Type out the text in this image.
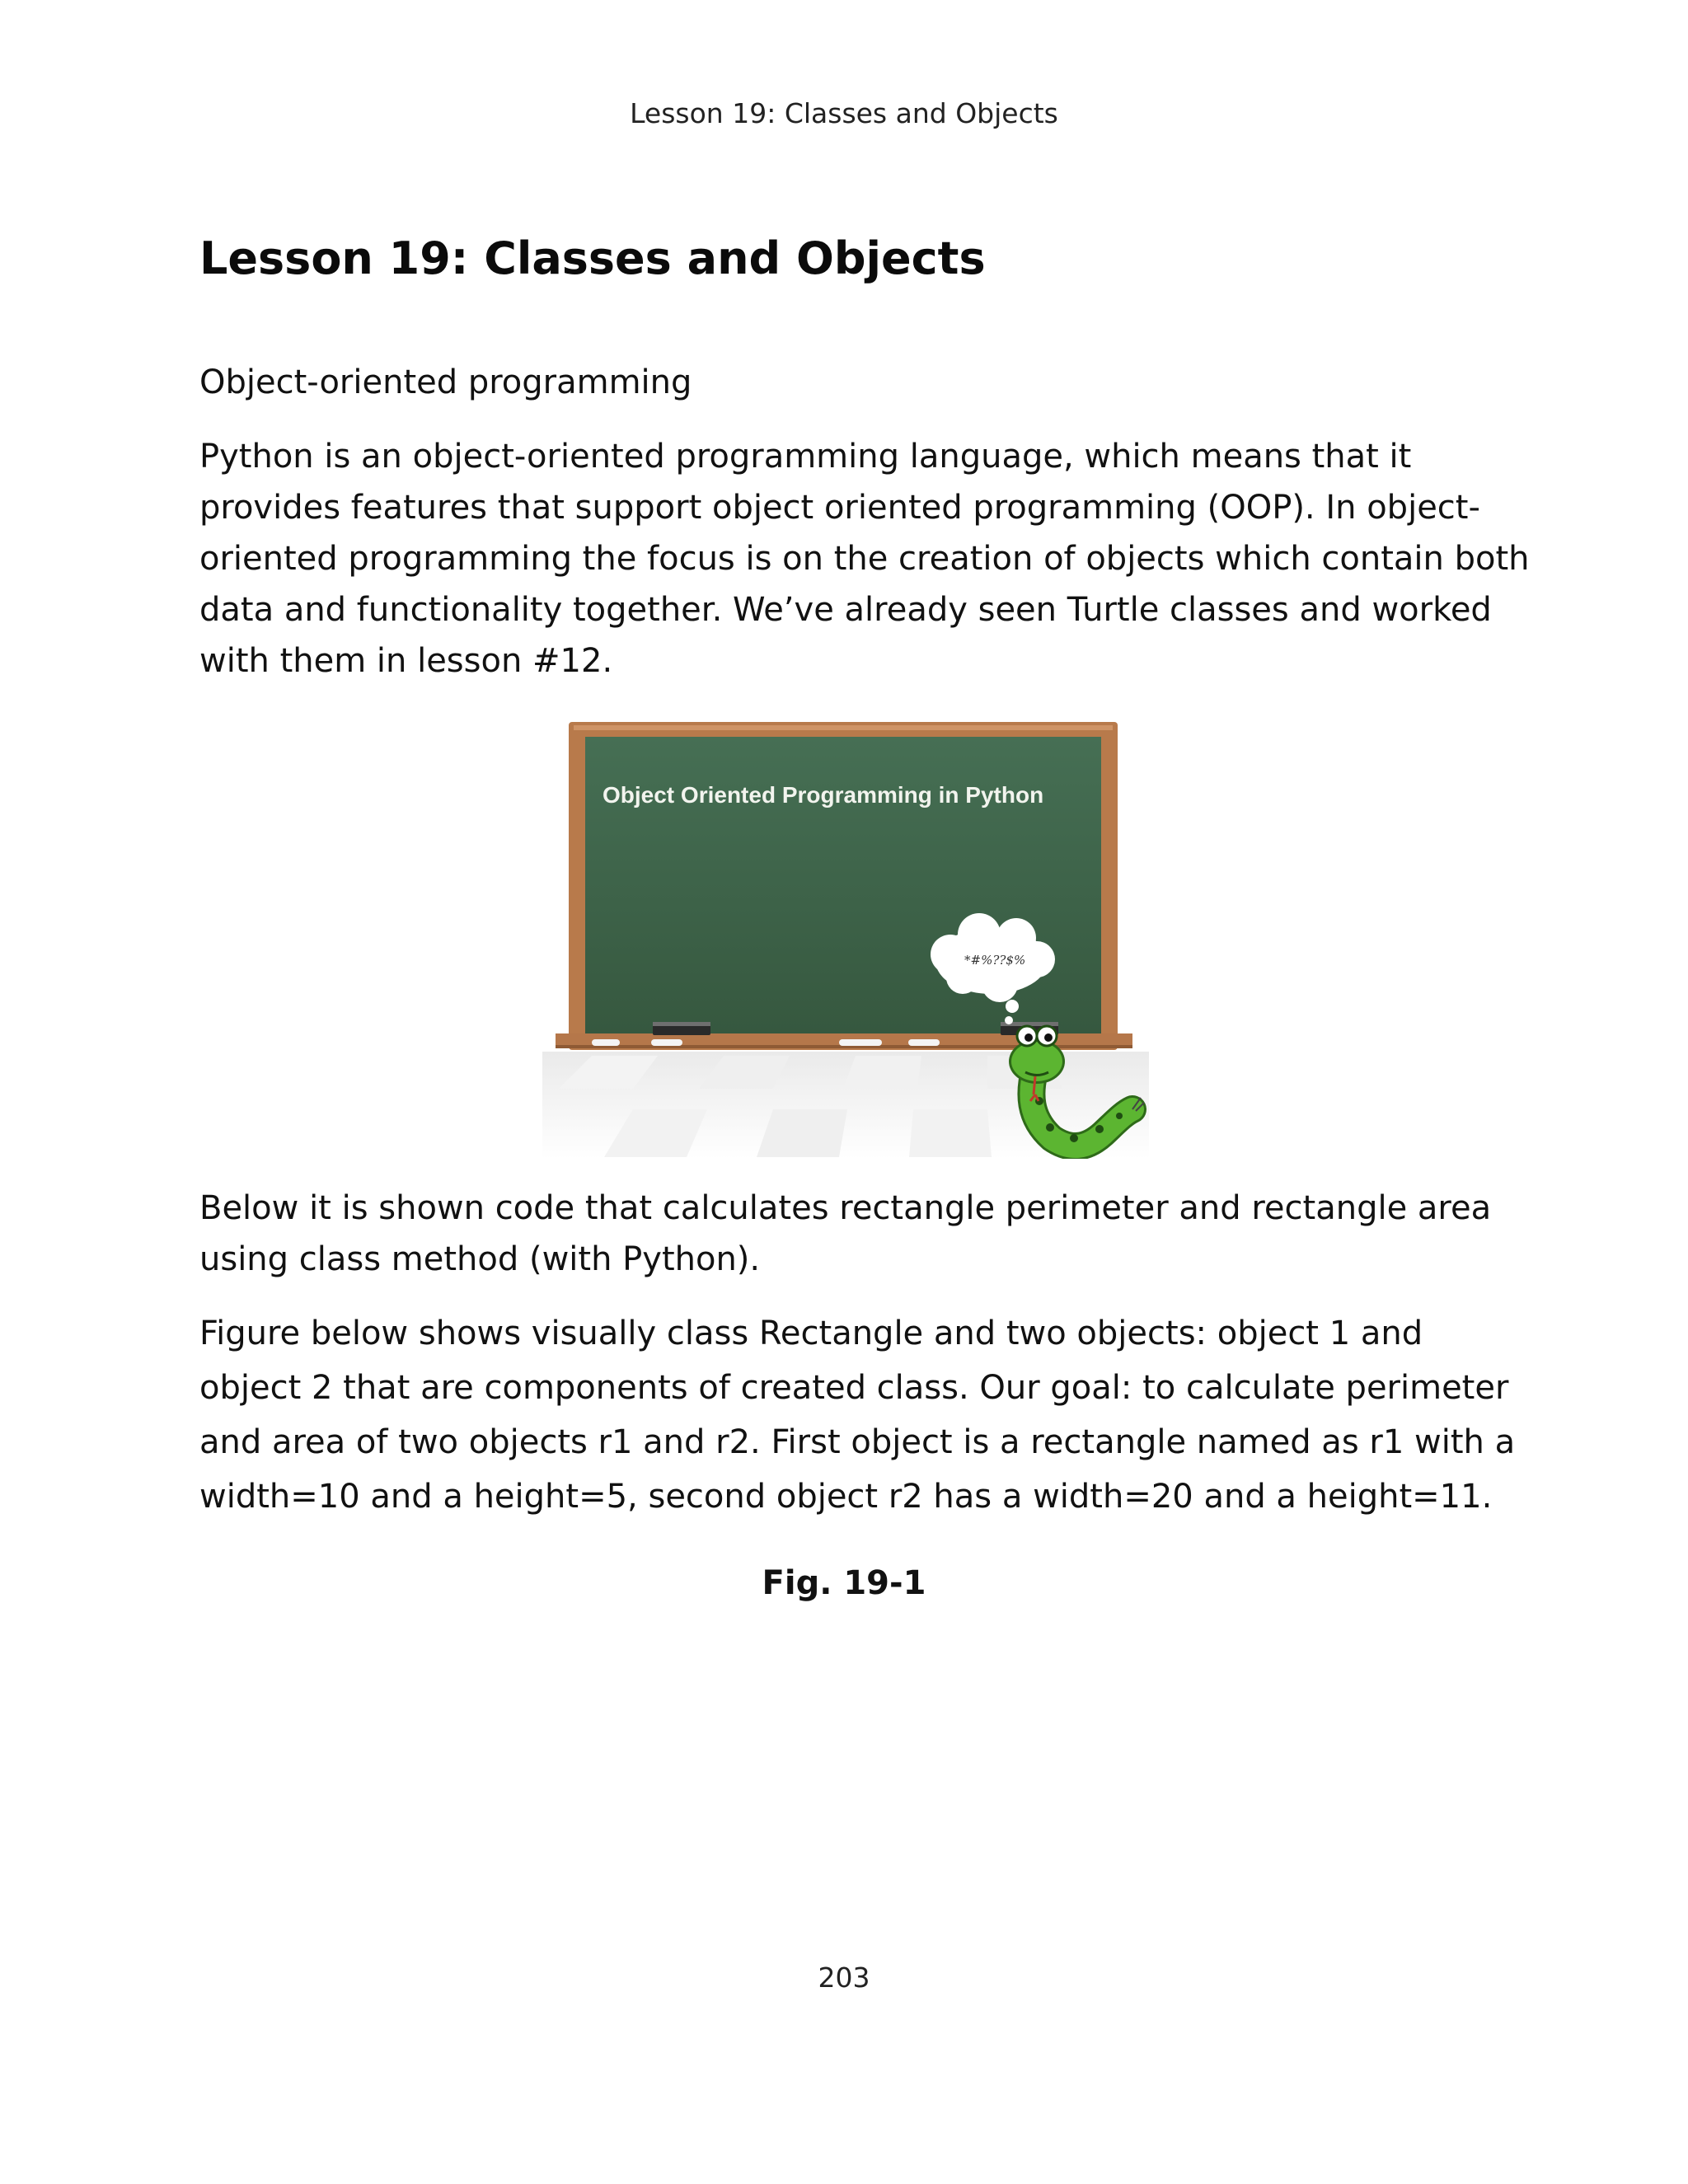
Lesson 19: Classes and Objects
Lesson 19: Classes and Objects
Object-oriented programming

Python is an object-oriented programming language, which means that it provides features that support object oriented programming (OOP). In object-oriented programming the focus is on the creation of objects which contain both data and functionality together. We’ve already seen Turtle classes and worked with them in lesson #12.

Object Oriented Programming in Python
*#%??$%

Below it is shown code that calculates rectangle perimeter and rectangle area using class method (with Python).

Figure below shows visually class Rectangle and two objects: object 1 and object 2 that are components of created class. Our goal: to calculate perimeter and area of two objects r1 and r2. First object is a rectangle named as r1 with a width=10 and a height=5, second object r2 has a width=20 and a height=11.

Fig. 19-1
203
